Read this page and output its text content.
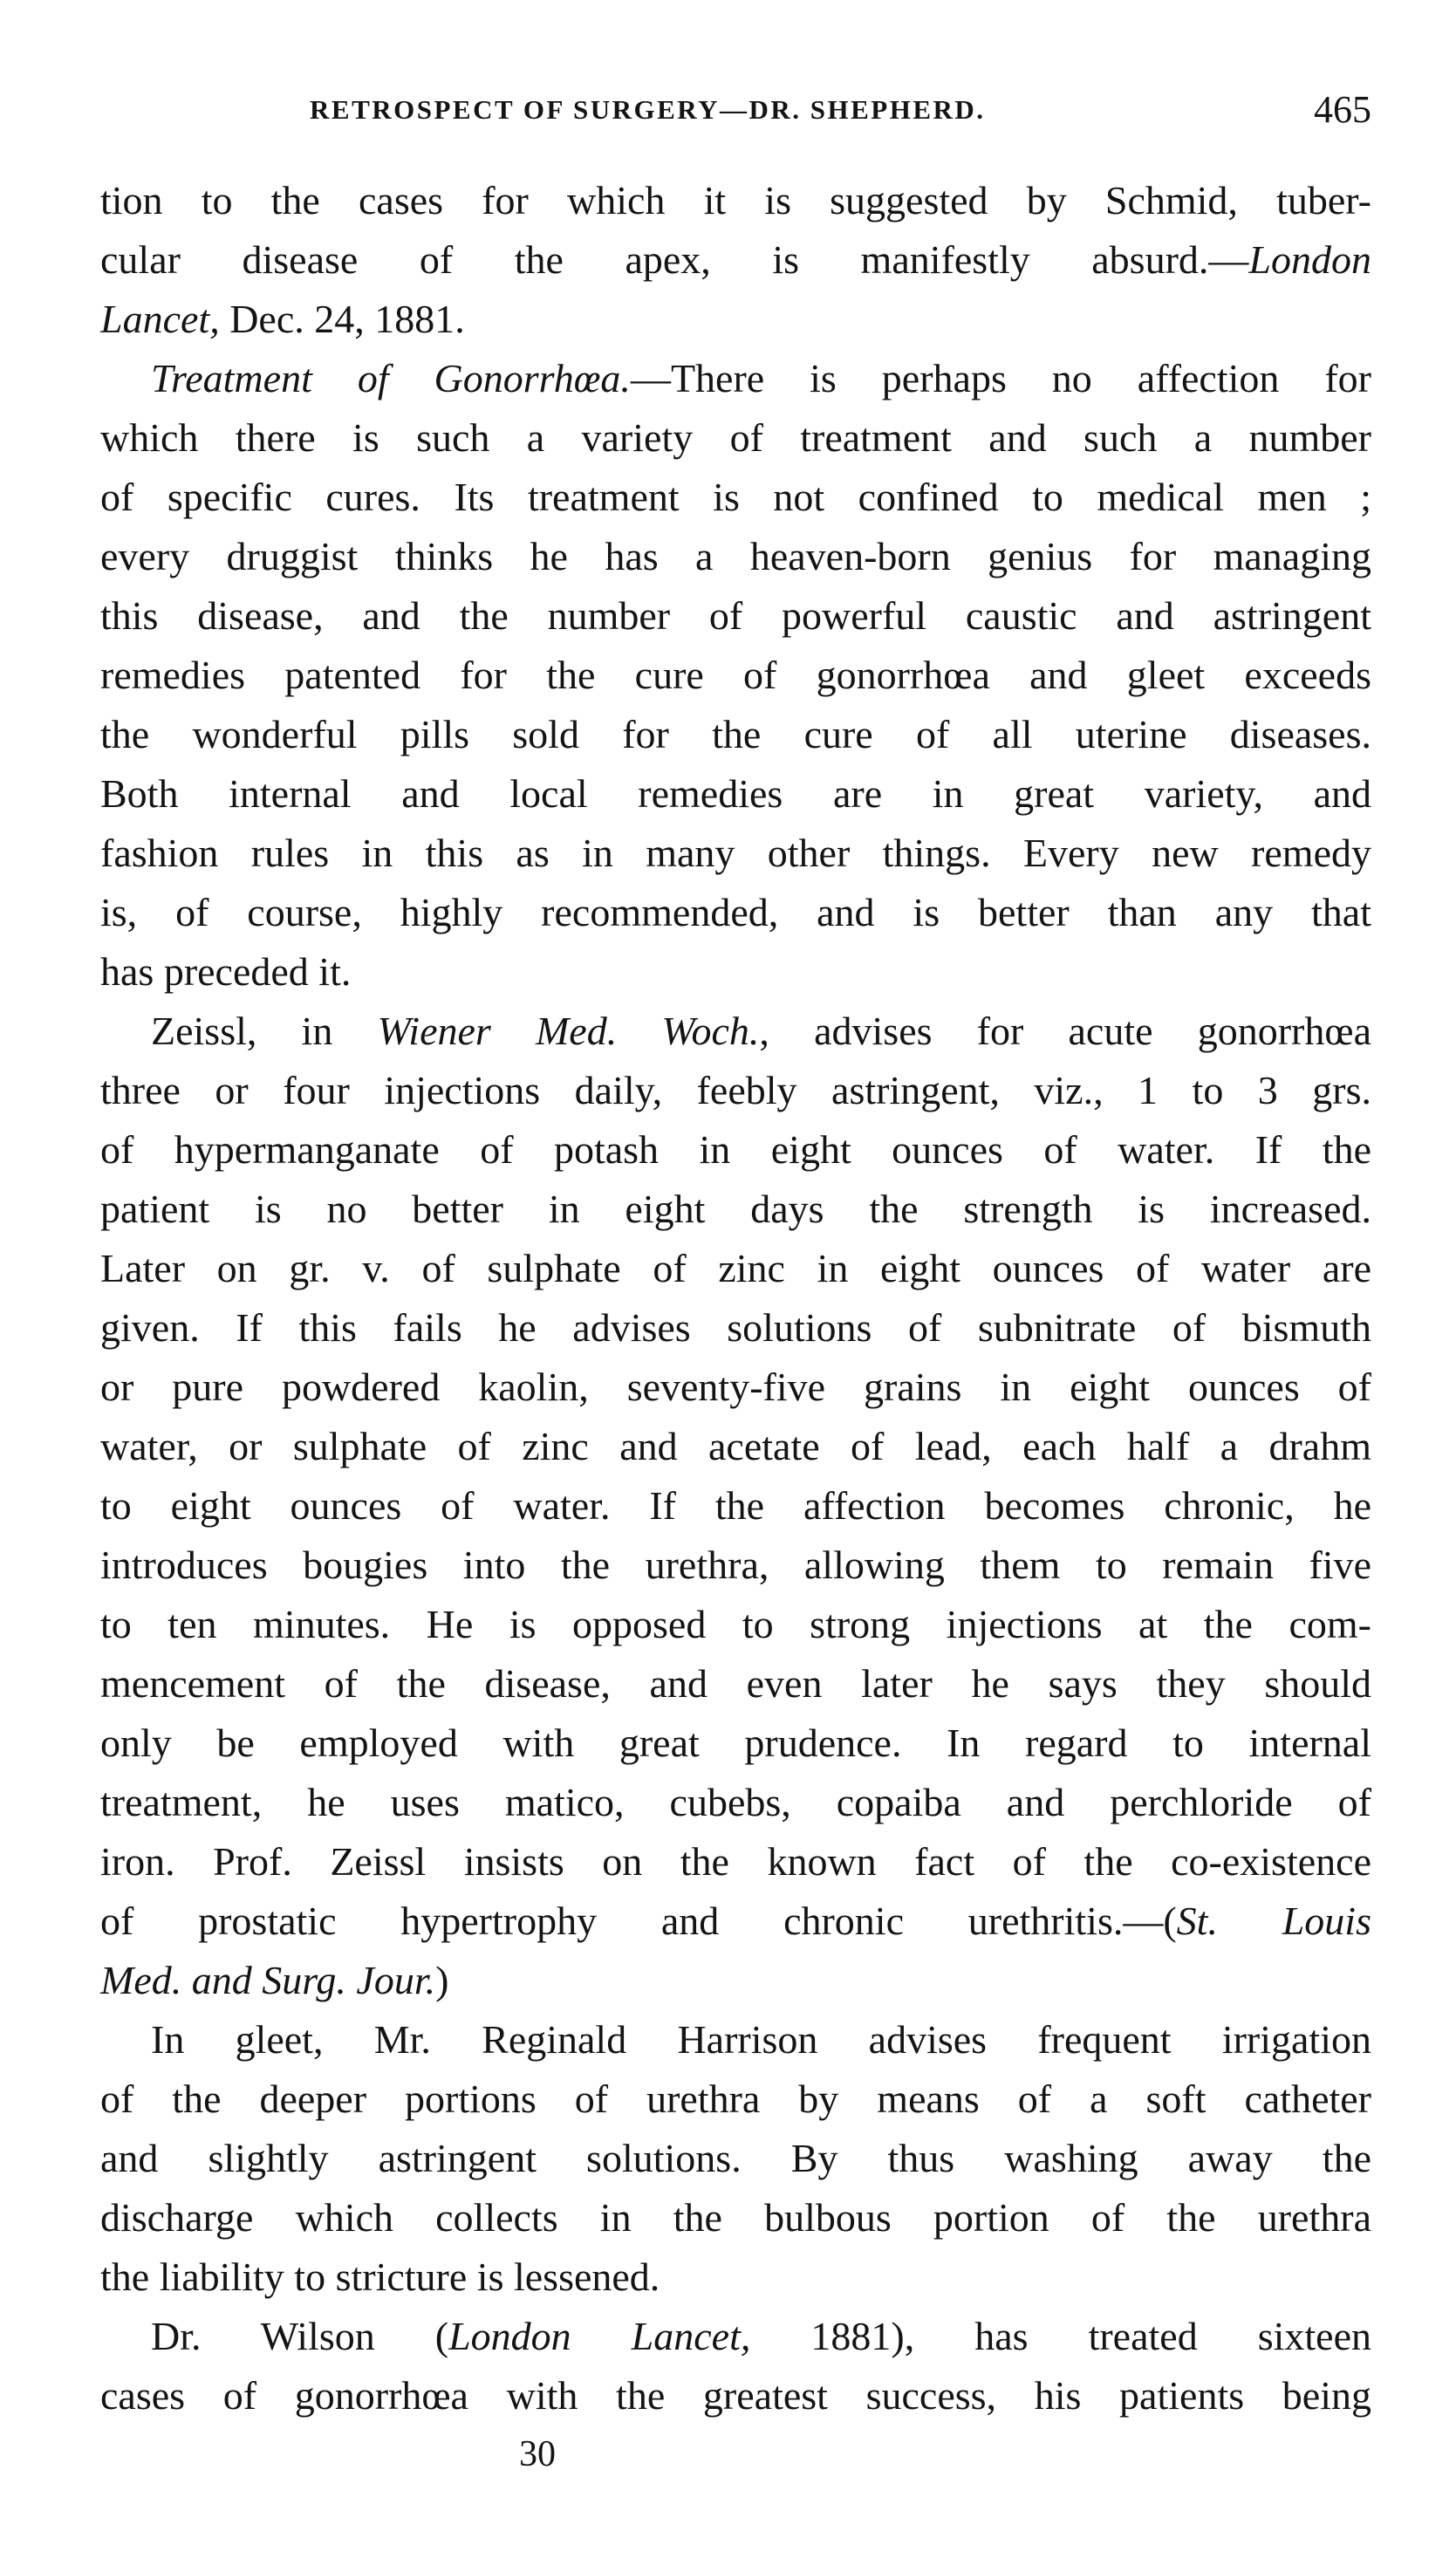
RETROSPECT OF SURGERY—DR. SHEPHERD.	465
tion to the cases for which it is suggested by Schmid, tuber-
cular disease of the apex, is manifestly absurd.—London
Lancet, Dec. 24, 1881.
Treatment of Gonorrhœa.—There is perhaps no affection for
which there is such a variety of treatment and such a number
of specific cures. Its treatment is not confined to medical men ;
every druggist thinks he has a heaven-born genius for managing
this disease, and the number of powerful caustic and astringent
remedies patented for the cure of gonorrhœa and gleet exceeds
the wonderful pills sold for the cure of all uterine diseases.
Both internal and local remedies are in great variety, and
fashion rules in this as in many other things. Every new remedy
is, of course, highly recommended, and is better than any that
has preceded it.
Zeissl, in Wiener Med. Woch., advises for acute gonorrhœa
three or four injections daily, feebly astringent, viz., 1 to 3 grs.
of hypermanganate of potash in eight ounces of water. If the
patient is no better in eight days the strength is increased.
Later on gr. v. of sulphate of zinc in eight ounces of water are
given. If this fails he advises solutions of subnitrate of bismuth
or pure powdered kaolin, seventy-five grains in eight ounces of
water, or sulphate of zinc and acetate of lead, each half a drahm
to eight ounces of water. If the affection becomes chronic, he
introduces bougies into the urethra, allowing them to remain five
to ten minutes. He is opposed to strong injections at the com-
mencement of the disease, and even later he says they should
only be employed with great prudence. In regard to internal
treatment, he uses matico, cubebs, copaiba and perchloride of
iron. Prof. Zeissl insists on the known fact of the co-existence
of prostatic hypertrophy and chronic urethritis.—(St. Louis
Med. and Surg. Jour.)
In gleet, Mr. Reginald Harrison advises frequent irrigation
of the deeper portions of urethra by means of a soft catheter
and slightly astringent solutions. By thus washing away the
discharge which collects in the bulbous portion of the urethra
the liability to stricture is lessened.
Dr. Wilson (London Lancet, 1881), has treated sixteen
cases of gonorrhœa with the greatest success, his patients being
30
